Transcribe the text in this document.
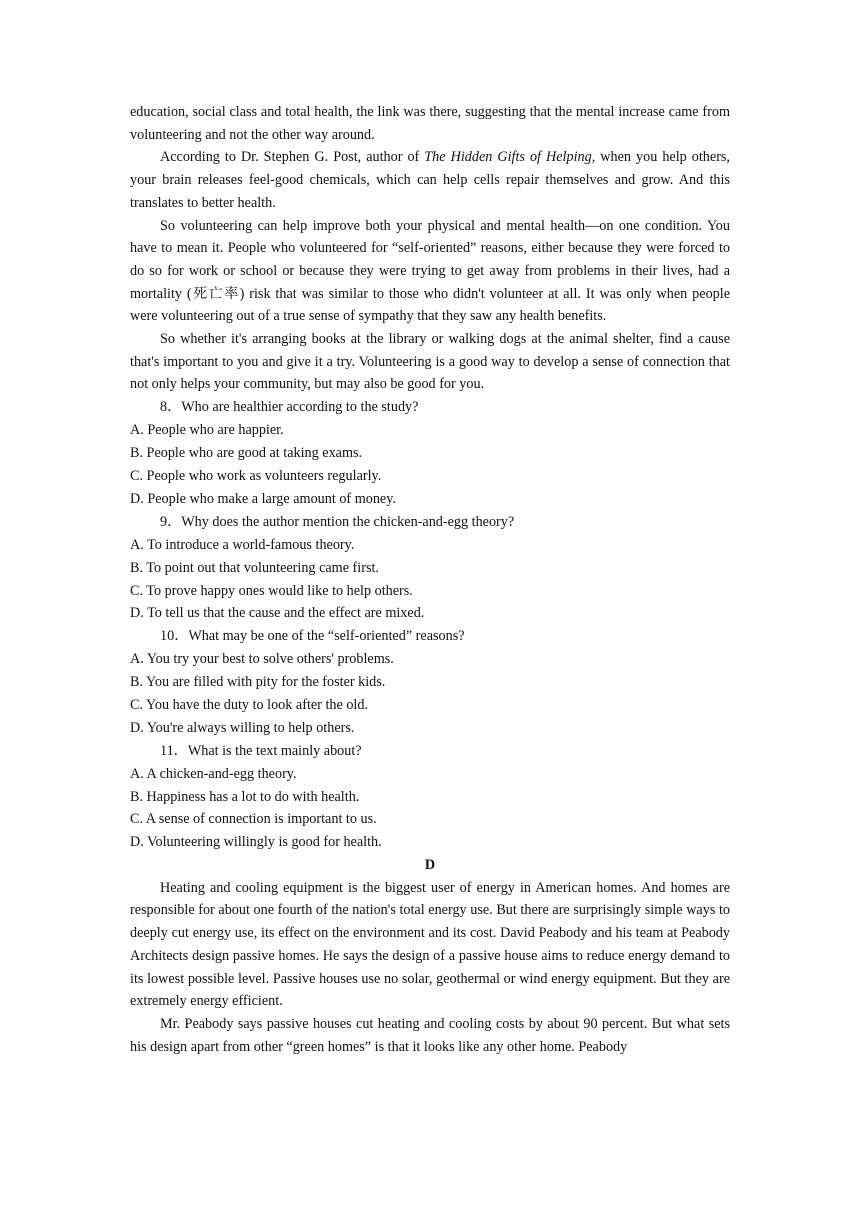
education, social class and total health, the link was there, suggesting that the mental increase came from volunteering and not the other way around.

According to Dr. Stephen G. Post, author of The Hidden Gifts of Helping, when you help others, your brain releases feel-good chemicals, which can help cells repair themselves and grow. And this translates to better health.

So volunteering can help improve both your physical and mental health—on one condition. You have to mean it. People who volunteered for “self-oriented” reasons, either because they were forced to do so for work or school or because they were trying to get away from problems in their lives, had a mortality (死亡率) risk that was similar to those who didn't volunteer at all. It was only when people were volunteering out of a true sense of sympathy that they saw any health benefits.

So whether it's arranging books at the library or walking dogs at the animal shelter, find a cause that's important to you and give it a try. Volunteering is a good way to develop a sense of connection that not only helps your community, but may also be good for you.

8．Who are healthier according to the study?

A. People who are happier.

B. People who are good at taking exams.

C. People who work as volunteers regularly.

D. People who make a large amount of money.

9．Why does the author mention the chicken-and-egg theory?

A. To introduce a world-famous theory.

B. To point out that volunteering came first.

C. To prove happy ones would like to help others.

D. To tell us that the cause and the effect are mixed.

10．What may be one of the “self-oriented” reasons?

A. You try your best to solve others' problems.

B. You are filled with pity for the foster kids.

C. You have the duty to look after the old.

D. You're always willing to help others.

11．What is the text mainly about?

A. A chicken-and-egg theory.

B. Happiness has a lot to do with health.

C. A sense of connection is important to us.

D. Volunteering willingly is good for health.

D

Heating and cooling equipment is the biggest user of energy in American homes. And homes are responsible for about one fourth of the nation's total energy use. But there are surprisingly simple ways to deeply cut energy use, its effect on the environment and its cost. David Peabody and his team at Peabody Architects design passive homes. He says the design of a passive house aims to reduce energy demand to its lowest possible level. Passive houses use no solar, geothermal or wind energy equipment. But they are extremely energy efficient.

Mr. Peabody says passive houses cut heating and cooling costs by about 90 percent. But what sets his design apart from other “green homes” is that it looks like any other home. Peabody
